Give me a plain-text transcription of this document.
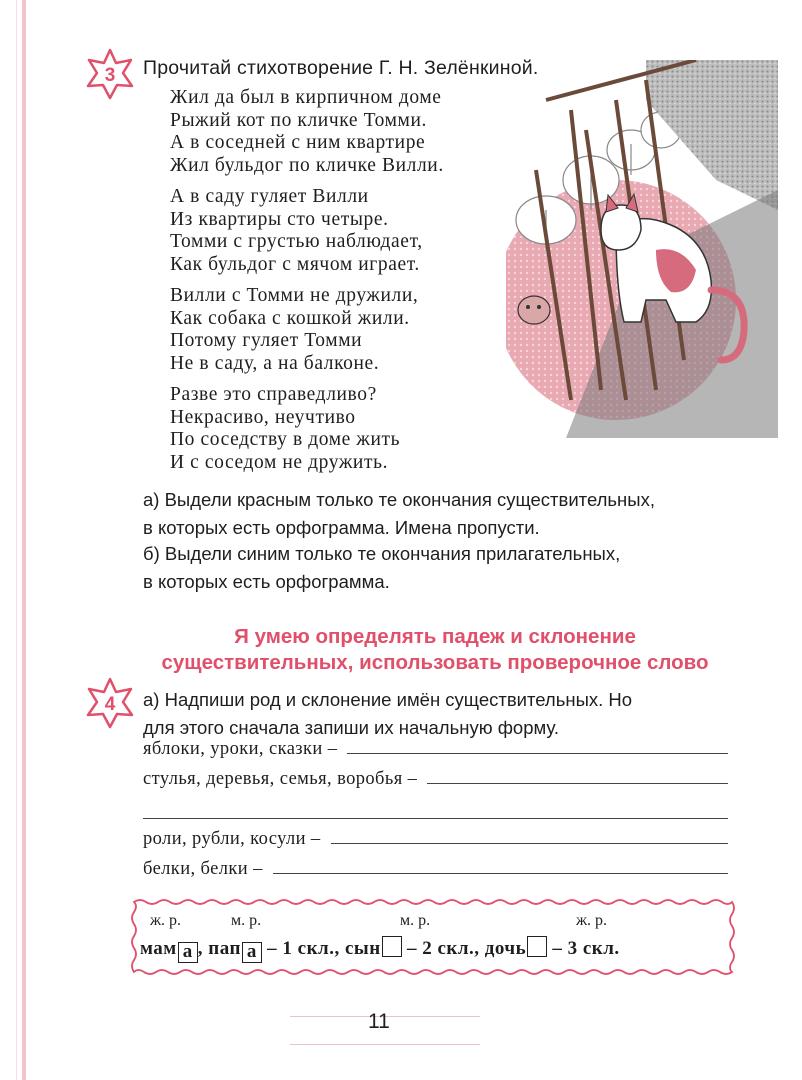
3 Прочитай стихотворение Г. Н. Зелёнкиной.
Жил да был в кирпичном доме
Рыжий кот по кличке Томми.
А в соседней с ним квартире
Жил бульдог по кличке Вилли.
А в саду гуляет Вилли
Из квартиры сто четыре.
Томми с грустью наблюдает,
Как бульдог с мячом играет.
Вилли с Томми не дружили,
Как собака с кошкой жили.
Потому гуляет Томми
Не в саду, а на балконе.
Разве это справедливо?
Некрасиво, неучтиво
По соседству в доме жить
И с соседом не дружить.
а) Выдели красным только те окончания существительных,
в которых есть орфограмма. Имена пропусти.
б) Выдели синим только те окончания прилагательных,
в которых есть орфограмма.
Я умею определять падеж и склонение
существительных, использовать проверочное слово
4 а) Надпиши род и склонение имён существительных. Но
для этого сначала запиши их начальную форму.
яблоки, уроки, сказки –
стулья, деревья, семья, воробья –
роли, рубли, косули –
белки, белки –
ж. р.	м. р.	м. р.	ж. р.
мам а , пап а – 1 скл., сын – 2 скл., дочь – 3 скл.
11
